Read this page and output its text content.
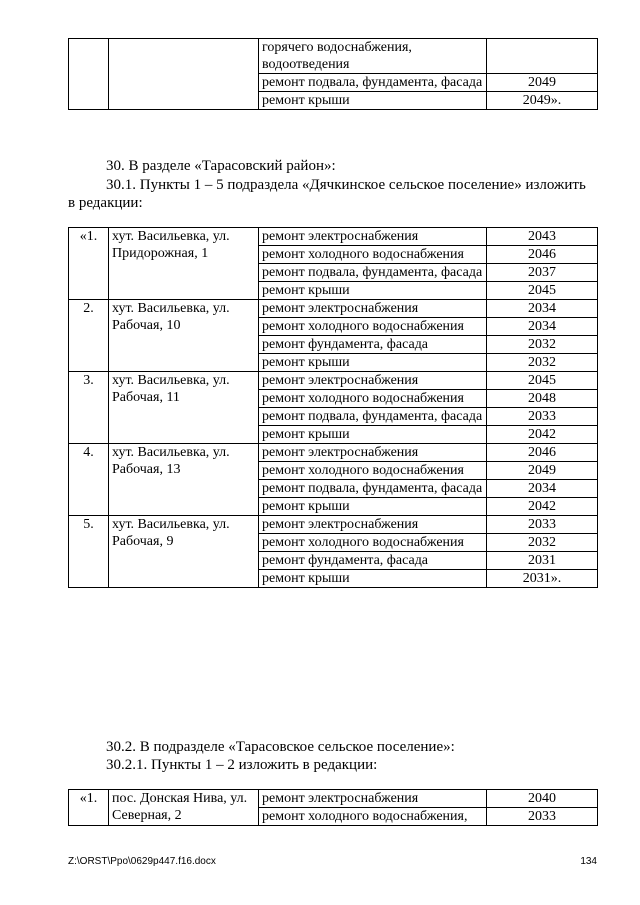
		горячего водоснабжения, водоотведения	
		ремонт подвала, фундамента, фасада	2049
		ремонт крыши	2049».
30. В разделе «Тарасовский район»:
30.1. Пункты 1 – 5 подраздела «Дячкинское сельское поселение» изложить
в редакции:
«1.	хут. Васильевка, ул. Придорожная, 1	ремонт электроснабжения	2043
		ремонт холодного водоснабжения	2046
		ремонт подвала, фундамента, фасада	2037
		ремонт крыши	2045
2.	хут. Васильевка, ул. Рабочая, 10	ремонт электроснабжения	2034
		ремонт холодного водоснабжения	2034
		ремонт фундамента, фасада	2032
		ремонт крыши	2032
3.	хут. Васильевка, ул. Рабочая, 11	ремонт электроснабжения	2045
		ремонт холодного водоснабжения	2048
		ремонт подвала, фундамента, фасада	2033
		ремонт крыши	2042
4.	хут. Васильевка, ул. Рабочая, 13	ремонт электроснабжения	2046
		ремонт холодного водоснабжения	2049
		ремонт подвала, фундамента, фасада	2034
		ремонт крыши	2042
5.	хут. Васильевка, ул. Рабочая, 9	ремонт электроснабжения	2033
		ремонт холодного водоснабжения	2032
		ремонт фундамента, фасада	2031
		ремонт крыши	2031».
30.2. В подразделе «Тарасовское сельское поселение»:
30.2.1. Пункты 1 – 2 изложить в редакции:
«1.	пос. Донская Нива, ул. Северная, 2	ремонт электроснабжения	2040
		ремонт холодного водоснабжения,	2033
Z:\ORST\Ppo\0629p447.f16.docx	134
